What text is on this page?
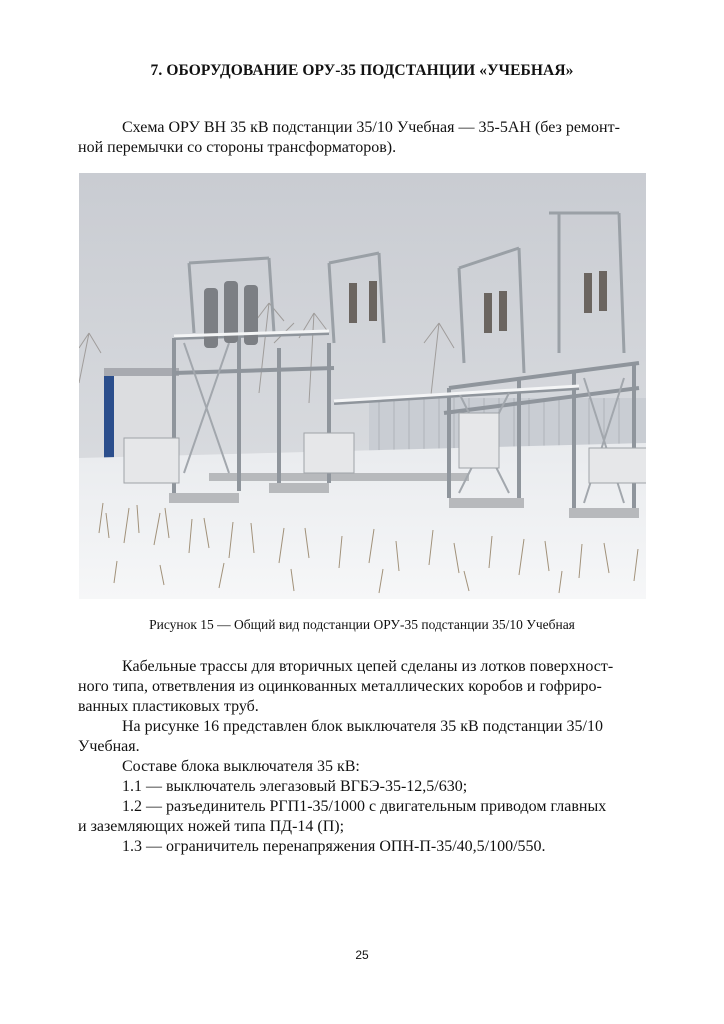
7. ОБОРУДОВАНИЕ ОРУ-35 ПОДСТАНЦИИ «УЧЕБНАЯ»
Схема ОРУ ВН 35 кВ подстанции 35/10 Учебная — 35-5АН (без ремонт-
ной перемычки со стороны трансформаторов).
Рисунок 15 — Общий вид подстанции ОРУ-35 подстанции 35/10 Учебная
Кабельные трассы для вторичных цепей сделаны из лотков поверхност-
ного типа, ответвления из оцинкованных металлических коробов и гофриро-
ванных пластиковых труб.
На рисунке 16 представлен блок выключателя 35 кВ подстанции 35/10
Учебная.
Составе блока выключателя 35 кВ:
1.1 — выключатель элегазовый ВГБЭ-35-12,5/630;
1.2 — разъединитель РГП1-35/1000 с двигательным приводом главных
и заземляющих ножей типа ПД-14 (П);
1.3 — ограничитель перенапряжения ОПН-П-35/40,5/100/550.
25
